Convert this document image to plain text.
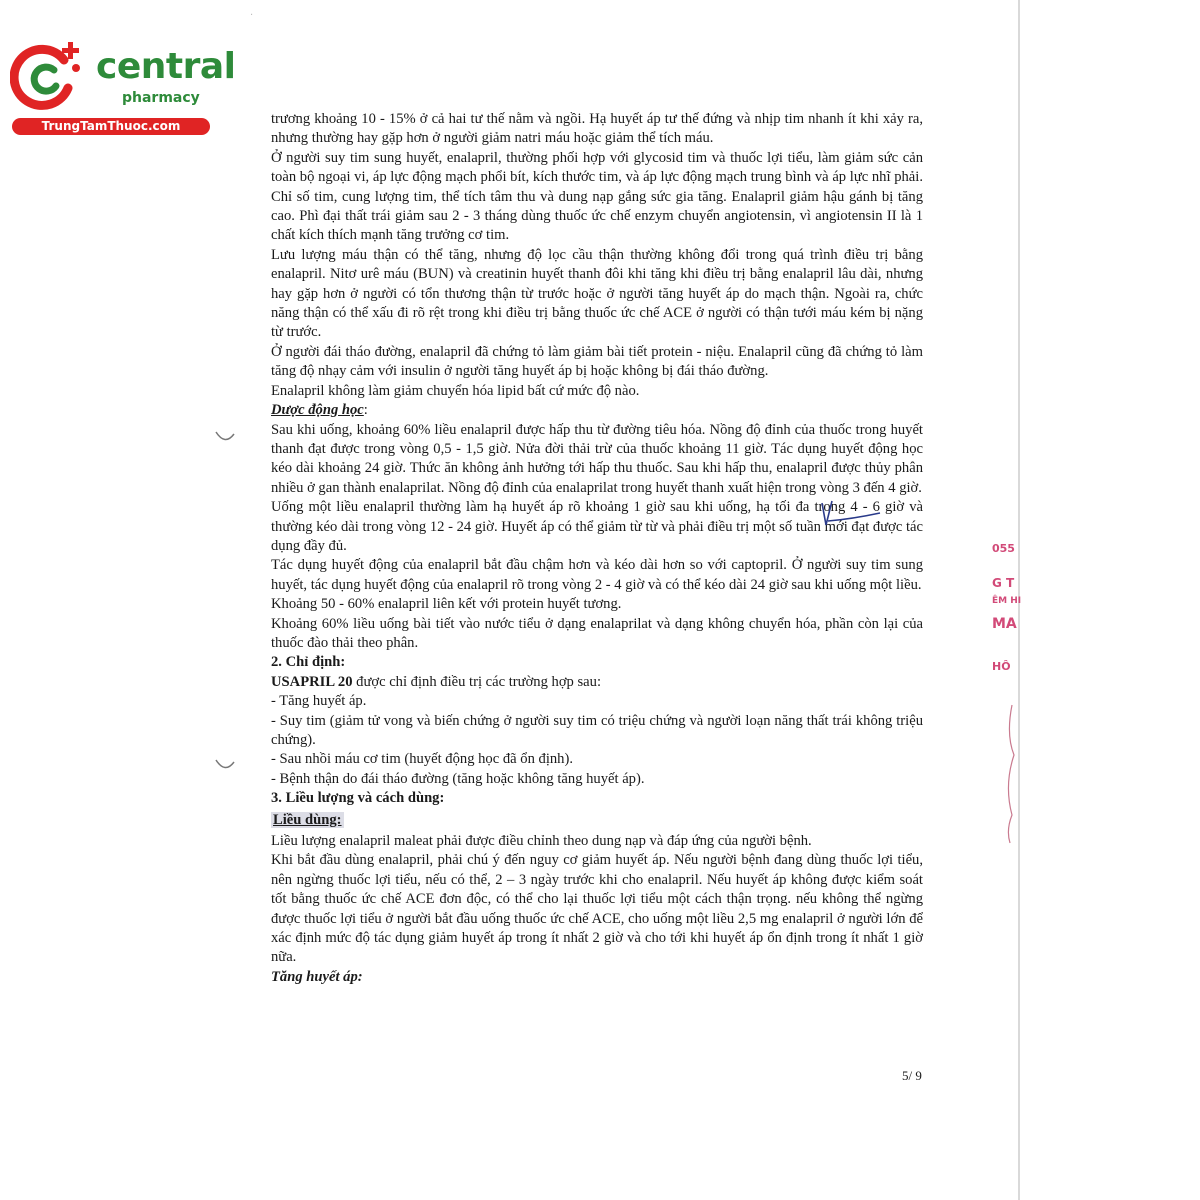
·
central
pharmacy
TrungTamThuoc.com	trương khoảng 10 - 15% ở cả hai tư thế nằm và ngồi. Hạ huyết áp tư thế đứng và nhịp tim nhanh ít khi xảy ra, nhưng thường hay gặp hơn ở người giảm natri máu hoặc giảm thể tích máu.

Ở người suy tim sung huyết, enalapril, thường phối hợp với glycosid tim và thuốc lợi tiểu, làm giảm sức cản toàn bộ ngoại vi, áp lực động mạch phổi bít, kích thước tim, và áp lực động mạch trung bình và áp lực nhĩ phải. Chỉ số tim, cung lượng tim, thể tích tâm thu và dung nạp gắng sức gia tăng. Enalapril giảm hậu gánh bị tăng cao. Phì đại thất trái giảm sau 2 - 3 tháng dùng thuốc ức chế enzym chuyển angiotensin, vì angiotensin II là 1 chất kích thích mạnh tăng trưởng cơ tim.

Lưu lượng máu thận có thể tăng, nhưng độ lọc cầu thận thường không đổi trong quá trình điều trị bằng enalapril. Nitơ urê máu (BUN) và creatinin huyết thanh đôi khi tăng khi điều trị bằng enalapril lâu dài, nhưng hay gặp hơn ở người có tổn thương thận từ trước hoặc ở người tăng huyết áp do mạch thận. Ngoài ra, chức năng thận có thể xấu đi rõ rệt trong khi điều trị bằng thuốc ức chế ACE ở người có thận tưới máu kém bị nặng từ trước.

Ở người đái tháo đường, enalapril đã chứng tỏ làm giảm bài tiết protein - niệu. Enalapril cũng đã chứng tỏ làm tăng độ nhạy cảm với insulin ở người tăng huyết áp bị hoặc không bị đái tháo đường.

Enalapril không làm giảm chuyển hóa lipid bất cứ mức độ nào.

Dược động học:

Sau khi uống, khoảng 60% liều enalapril được hấp thu từ đường tiêu hóa. Nồng độ đỉnh của thuốc trong huyết thanh đạt được trong vòng 0,5 - 1,5 giờ. Nửa đời thải trừ của thuốc khoảng 11 giờ. Tác dụng huyết động học kéo dài khoảng 24 giờ. Thức ăn không ảnh hưởng tới hấp thu thuốc. Sau khi hấp thu, enalapril được thủy phân nhiều ở gan thành enalaprilat. Nồng độ đỉnh của enalaprilat trong huyết thanh xuất hiện trong vòng 3 đến 4 giờ.

Uống một liều enalapril thường làm hạ huyết áp rõ khoảng 1 giờ sau khi uống, hạ tối đa trong 4 - 6 giờ và thường kéo dài trong vòng 12 - 24 giờ. Huyết áp có thể giảm từ từ và phải điều trị một số tuần mới đạt được tác dụng đầy đủ.

Tác dụng huyết động của enalapril bắt đầu chậm hơn và kéo dài hơn so với captopril. Ở người suy tim sung huyết, tác dụng huyết động của enalapril rõ trong vòng 2 - 4 giờ và có thể kéo dài 24 giờ sau khi uống một liều.

Khoảng 50 - 60% enalapril liên kết với protein huyết tương.

Khoảng 60% liều uống bài tiết vào nước tiểu ở dạng enalaprilat và dạng không chuyển hóa, phần còn lại của thuốc đào thải theo phân.

2. Chỉ định:

USAPRIL 20 được chỉ định điều trị các trường hợp sau:

- Tăng huyết áp.

- Suy tim (giảm tử vong và biến chứng ở người suy tim có triệu chứng và người loạn năng thất trái không triệu chứng).

- Sau nhồi máu cơ tim (huyết động học đã ổn định).

- Bệnh thận do đái tháo đường (tăng hoặc không tăng huyết áp).

3. Liều lượng và cách dùng:

Liều dùng:

Liều lượng enalapril maleat phải được điều chỉnh theo dung nạp và đáp ứng của người bệnh.

Khi bắt đầu dùng enalapril, phải chú ý đến nguy cơ giảm huyết áp. Nếu người bệnh đang dùng thuốc lợi tiểu, nên ngừng thuốc lợi tiểu, nếu có thể, 2 – 3 ngày trước khi cho enalapril. Nếu huyết áp không được kiểm soát tốt bằng thuốc ức chế ACE đơn độc, có thể cho lại thuốc lợi tiểu một cách thận trọng. nếu không thể ngừng được thuốc lợi tiểu ở người bắt đầu uống thuốc ức chế ACE, cho uống một liều 2,5 mg enalapril ở người lớn để xác định mức độ tác dụng giảm huyết áp trong ít nhất 2 giờ và cho tới khi huyết áp ổn định trong ít nhất 1 giờ nữa.

Tăng huyết áp:

5/ 9
055
G T
ÊM HI
MA
HÔ
